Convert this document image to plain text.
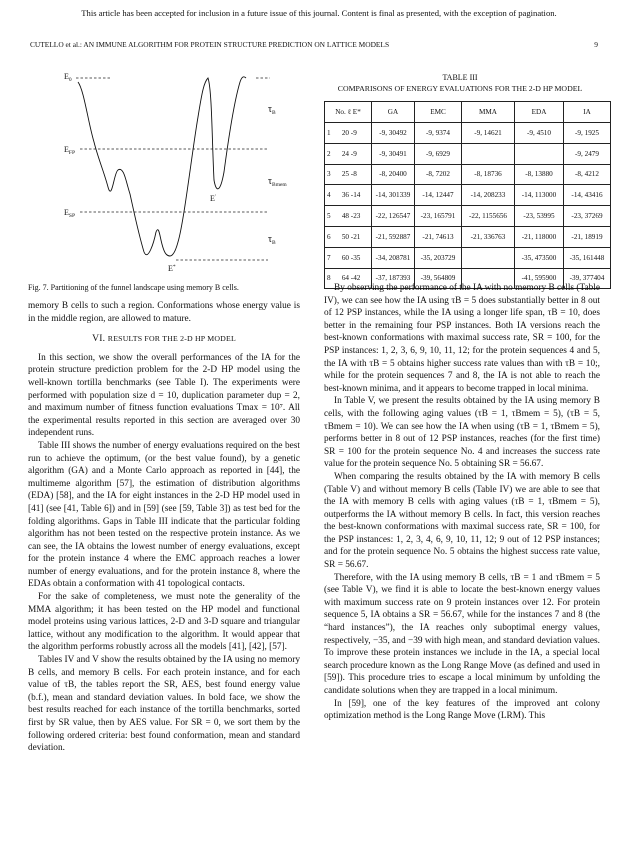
This article has been accepted for inclusion in a future issue of this journal. Content is final as presented, with the exception of pagination.
CUTELLO et al.: AN IMMUNE ALGORITHM FOR PROTEIN STRUCTURE PREDICTION ON LATTICE MODELS	9
$E_0$
$E_{FP}$
$E_{SP}$
E*
E'
$\tau_B$
$\tau_{Bmem}$
$\tau_B$
Fig. 7. Partitioning of the funnel landscape using memory B cells.

memory B cells to such a region. Conformations whose energy value is in the middle region, are allowed to mature.

VI. RESULTS FOR THE 2-D HP MODEL

In this section, we show the overall performances of the IA for the protein structure prediction problem for the 2-D HP model using the well-known tortilla benchmarks (see Table I). The experiments were performed with population size d = 10, duplication parameter dup = 2, and maximum number of fitness function evaluations Tmax = 10⁷. All the experimental results reported in this section are averaged over 30 independent runs.

Table III shows the number of energy evaluations required on the best run to achieve the optimum, (or the best value found), by a genetic algorithm (GA) and a Monte Carlo approach as reported in [44], the multimeme algorithm [57], the estimation of distribution algorithms (EDA) [58], and the IA for eight instances in the 2-D HP model used in [41] (see [41, Table 6]) and in [59] (see [59, Table 3]) as test bed for the folding algorithms. Gaps in Table III indicate that the particular folding algorithm has not been tested on the respective protein instance. As we can see, the IA obtains the lowest number of energy evaluations, except for the protein instance 4 where the EMC approach reaches a lower number of energy evaluations, and for the protein instance 8, where the EDAs obtain a conformation with 41 topological contacts.

For the sake of completeness, we must note the generality of the MMA algorithm; it has been tested on the HP model and functional model proteins using various lattices, 2-D and 3-D square and triangular lattice, without any modification to the algorithm. It would appear that the algorithm performs robustly across all the models [41], [42], [57].

Tables IV and V show the results obtained by the IA using no memory B cells, and memory B cells. For each protein instance, and for each value of τB, the tables report the SR, AES, best found energy value (b.f.), mean and standard deviation values. In bold face, we show the best results reached for each instance of the tortilla benchmarks, sorted first by SR value, then by AES value. For SR = 0, we sort them by the following ordered criteria: best found conformation, mean and standard deviation.

TABLE III
COMPARISONS OF ENERGY EVALUATIONS FOR THE 2-D HP MODEL
No. ℓ E*	GA	EMC	MMA	EDA	IA
1 20 -9	-9, 30492	-9, 9374	-9, 14621	-9, 4510	-9, 1925
2 24 -9	-9, 30491	-9, 6929			-9, 2479
3 25 -8	-8, 20400	-8, 7202	-8, 18736	-8, 13880	-8, 4212
4 36 -14	-14, 301339	-14, 12447	-14, 208233	-14, 113000	-14, 43416
5 48 -23	-22, 126547	-23, 165791	-22, 1155656	-23, 53995	-23, 37269
6 50 -21	-21, 592887	-21, 74613	-21, 336763	-21, 118000	-21, 18919
7 60 -35	-34, 208781	-35, 203729		-35, 473500	-35, 161448
8 64 -42	-37, 187393	-39, 564809		-41, 595900	-39, 377404

By observing the performance of the IA with no memory B cells (Table IV), we can see how the IA using τB = 5 does substantially better in 8 out of 12 PSP instances, while the IA using a longer life span, τB = 10, does better in the remaining four PSP instances. Both IA versions reach the best-known conformations with maximal success rate, SR = 100, for the PSP instances: 1, 2, 3, 6, 9, 10, 11, 12; for the protein sequences 4 and 5, the IA with τB = 5 obtains higher success rate values than with τB = 10;, while for the protein sequences 7 and 8, the IA is not able to reach the best-known minima, and it appears to become trapped in local minima.

In Table V, we present the results obtained by the IA using memory B cells, with the following aging values (τB = 1, τBmem = 5), (τB = 5, τBmem = 10). We can see how the IA when using (τB = 1, τBmem = 5), performs better in 8 out of 12 PSP instances, reaches (for the first time) SR = 100 for the protein sequence No. 4 and increases the success rate value for the protein sequence No. 5 obtaining SR = 56.67.

When comparing the results obtained by the IA with memory B cells (Table V) and without memory B cells (Table IV) we are able to see that the IA with memory B cells with aging values (τB = 1, τBmem = 5), outperforms the IA without memory B cells. In fact, this version reaches the best-known conformations with maximal success rate, SR = 100, for the PSP instances: 1, 2, 3, 4, 6, 9, 10, 11, 12; 9 out of 12 PSP instances; and for the protein sequence No. 5 obtains the highest success rate value, SR = 56.67.

Therefore, with the IA using memory B cells, τB = 1 and τBmem = 5 (see Table V), we find it is able to locate the best-known energy values with maximum success rate on 9 protein instances over 12. For protein sequence 5, IA obtains a SR = 56.67, while for the instances 7 and 8 (the “hard instances”), the IA reaches only suboptimal energy values, respectively, −35, and −39 with high mean, and standard deviation values. To improve these protein instances we include in the IA, a special local search procedure known as the Long Range Move (as defined and used in [59]). This procedure tries to escape a local minimum by unfolding the candidate solutions when they are trapped in a local minimum.

In [59], one of the key features of the improved ant colony optimization method is the Long Range Move (LRM). This
